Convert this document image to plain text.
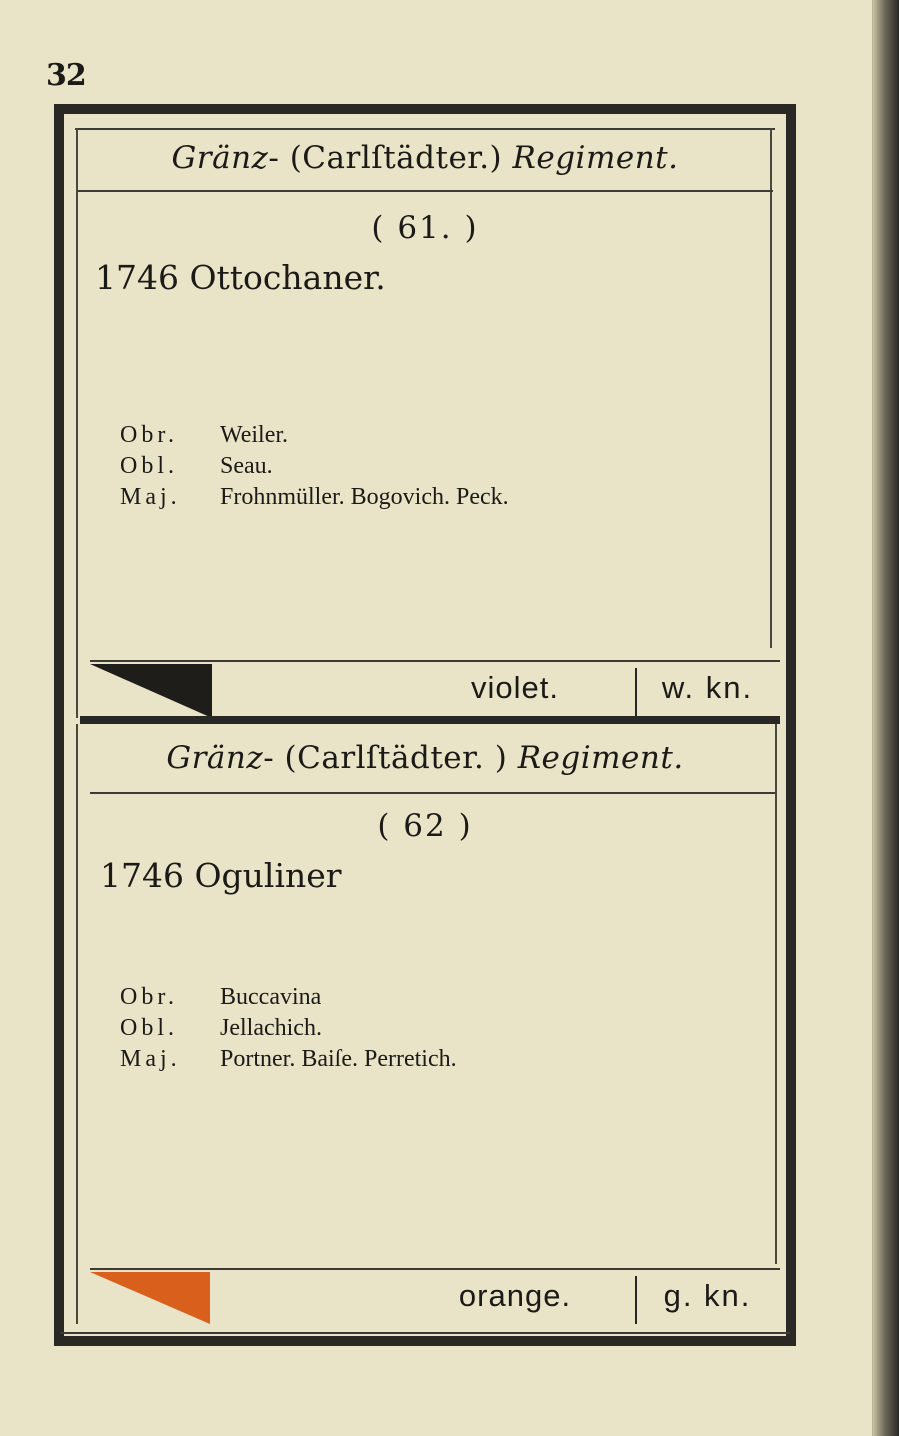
32
Gränz- (Carlſtädter.) Regiment.
( 61. )
1746 Ottochaner.
Obr. Weiler.
Obl. Seau.
Maj. Frohnmüller. Bogovich. Peck.
violet.	w. kn.
Gränz- (Carlſtädter. ) Regiment.
( 62 )
1746 Oguliner
Obr. Buccavina
Obl. Jellachich.
Maj. Portner. Baiſe. Perretich.
orange.	g. kn.
